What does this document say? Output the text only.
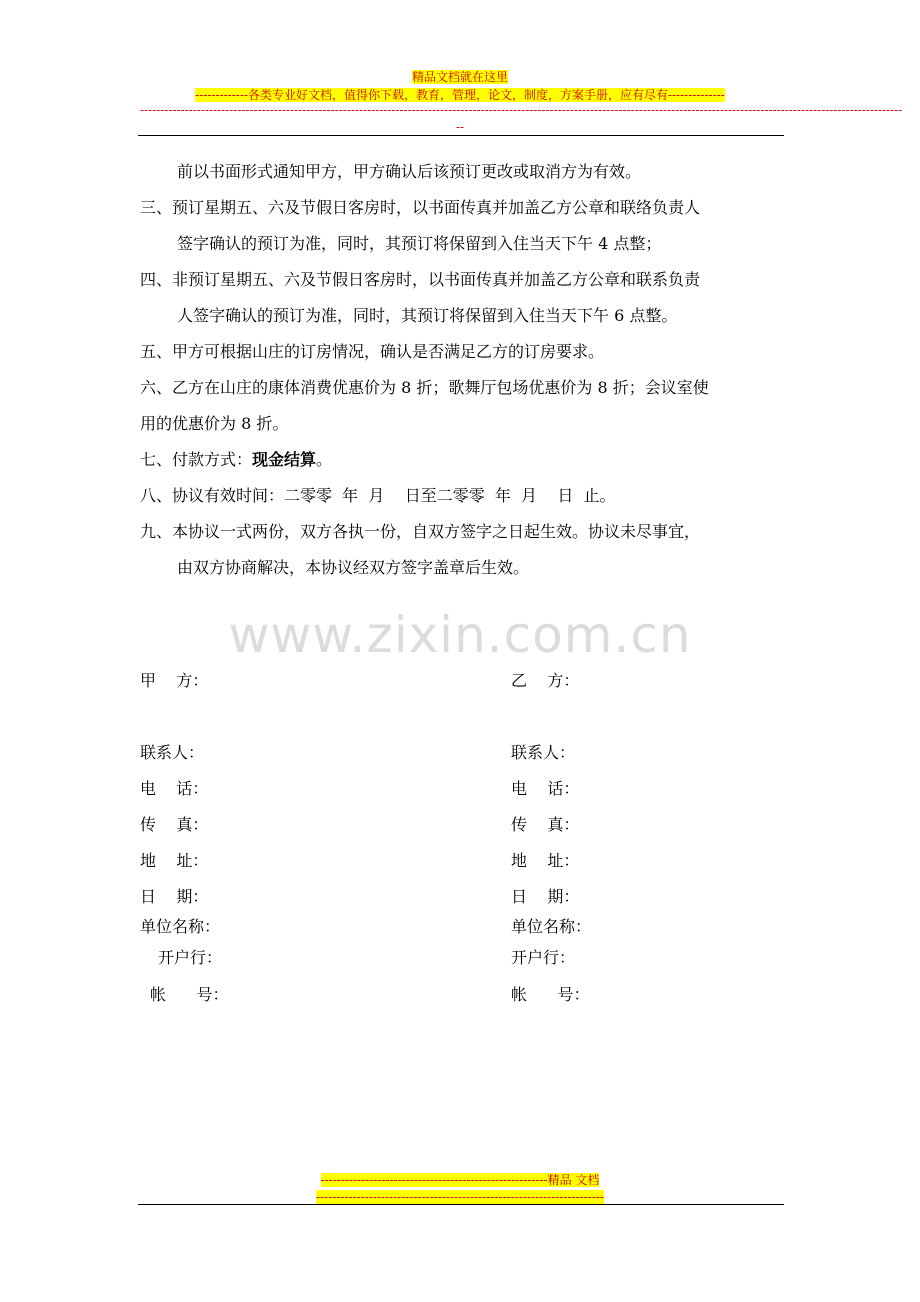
精品文档就在这里
-------------各类专业好文档，值得你下载，教育，管理，论文，制度，方案手册，应有尽有--------------
--------------------------------------------------------------------------------------------------------------------------------------------------------------------------------------------
--

前以书面形式通知甲方，甲方确认后该预订更改或取消方为有效。

三、预订星期五、六及节假日客房时，以书面传真并加盖乙方公章和联络负责人

签字确认的预订为准，同时，其预订将保留到入住当天下午 4 点整；

四、非预订星期五、六及节假日客房时，以书面传真并加盖乙方公章和联系负责

人签字确认的预订为准，同时，其预订将保留到入住当天下午 6 点整。

五、甲方可根据山庄的订房情况，确认是否满足乙方的订房要求。

六、乙方在山庄的康体消费优惠价为 8 折；歌舞厅包场优惠价为 8 折；会议室使

用的优惠价为 8 折。

七、付款方式：现金结算。

八、协议有效时间：二零零  年  月    日至二零零  年  月    日  止。

九、本协议一式两份，双方各执一份，自双方签字之日起生效。协议未尽事宜，

由双方协商解决，本协议经双方签字盖章后生效。

www.zixin.com.cn
甲    方：
联系人：
电    话：
传    真：
地    址：
日    期：
单位名称：
开户行：
帐      号：
乙    方：
联系人：
电    话：
传    真：
地    址：
日    期：
单位名称：
开户行：
帐      号：
--------------------------------------------------------精品 文档
-----------------------------------------------------------------------
